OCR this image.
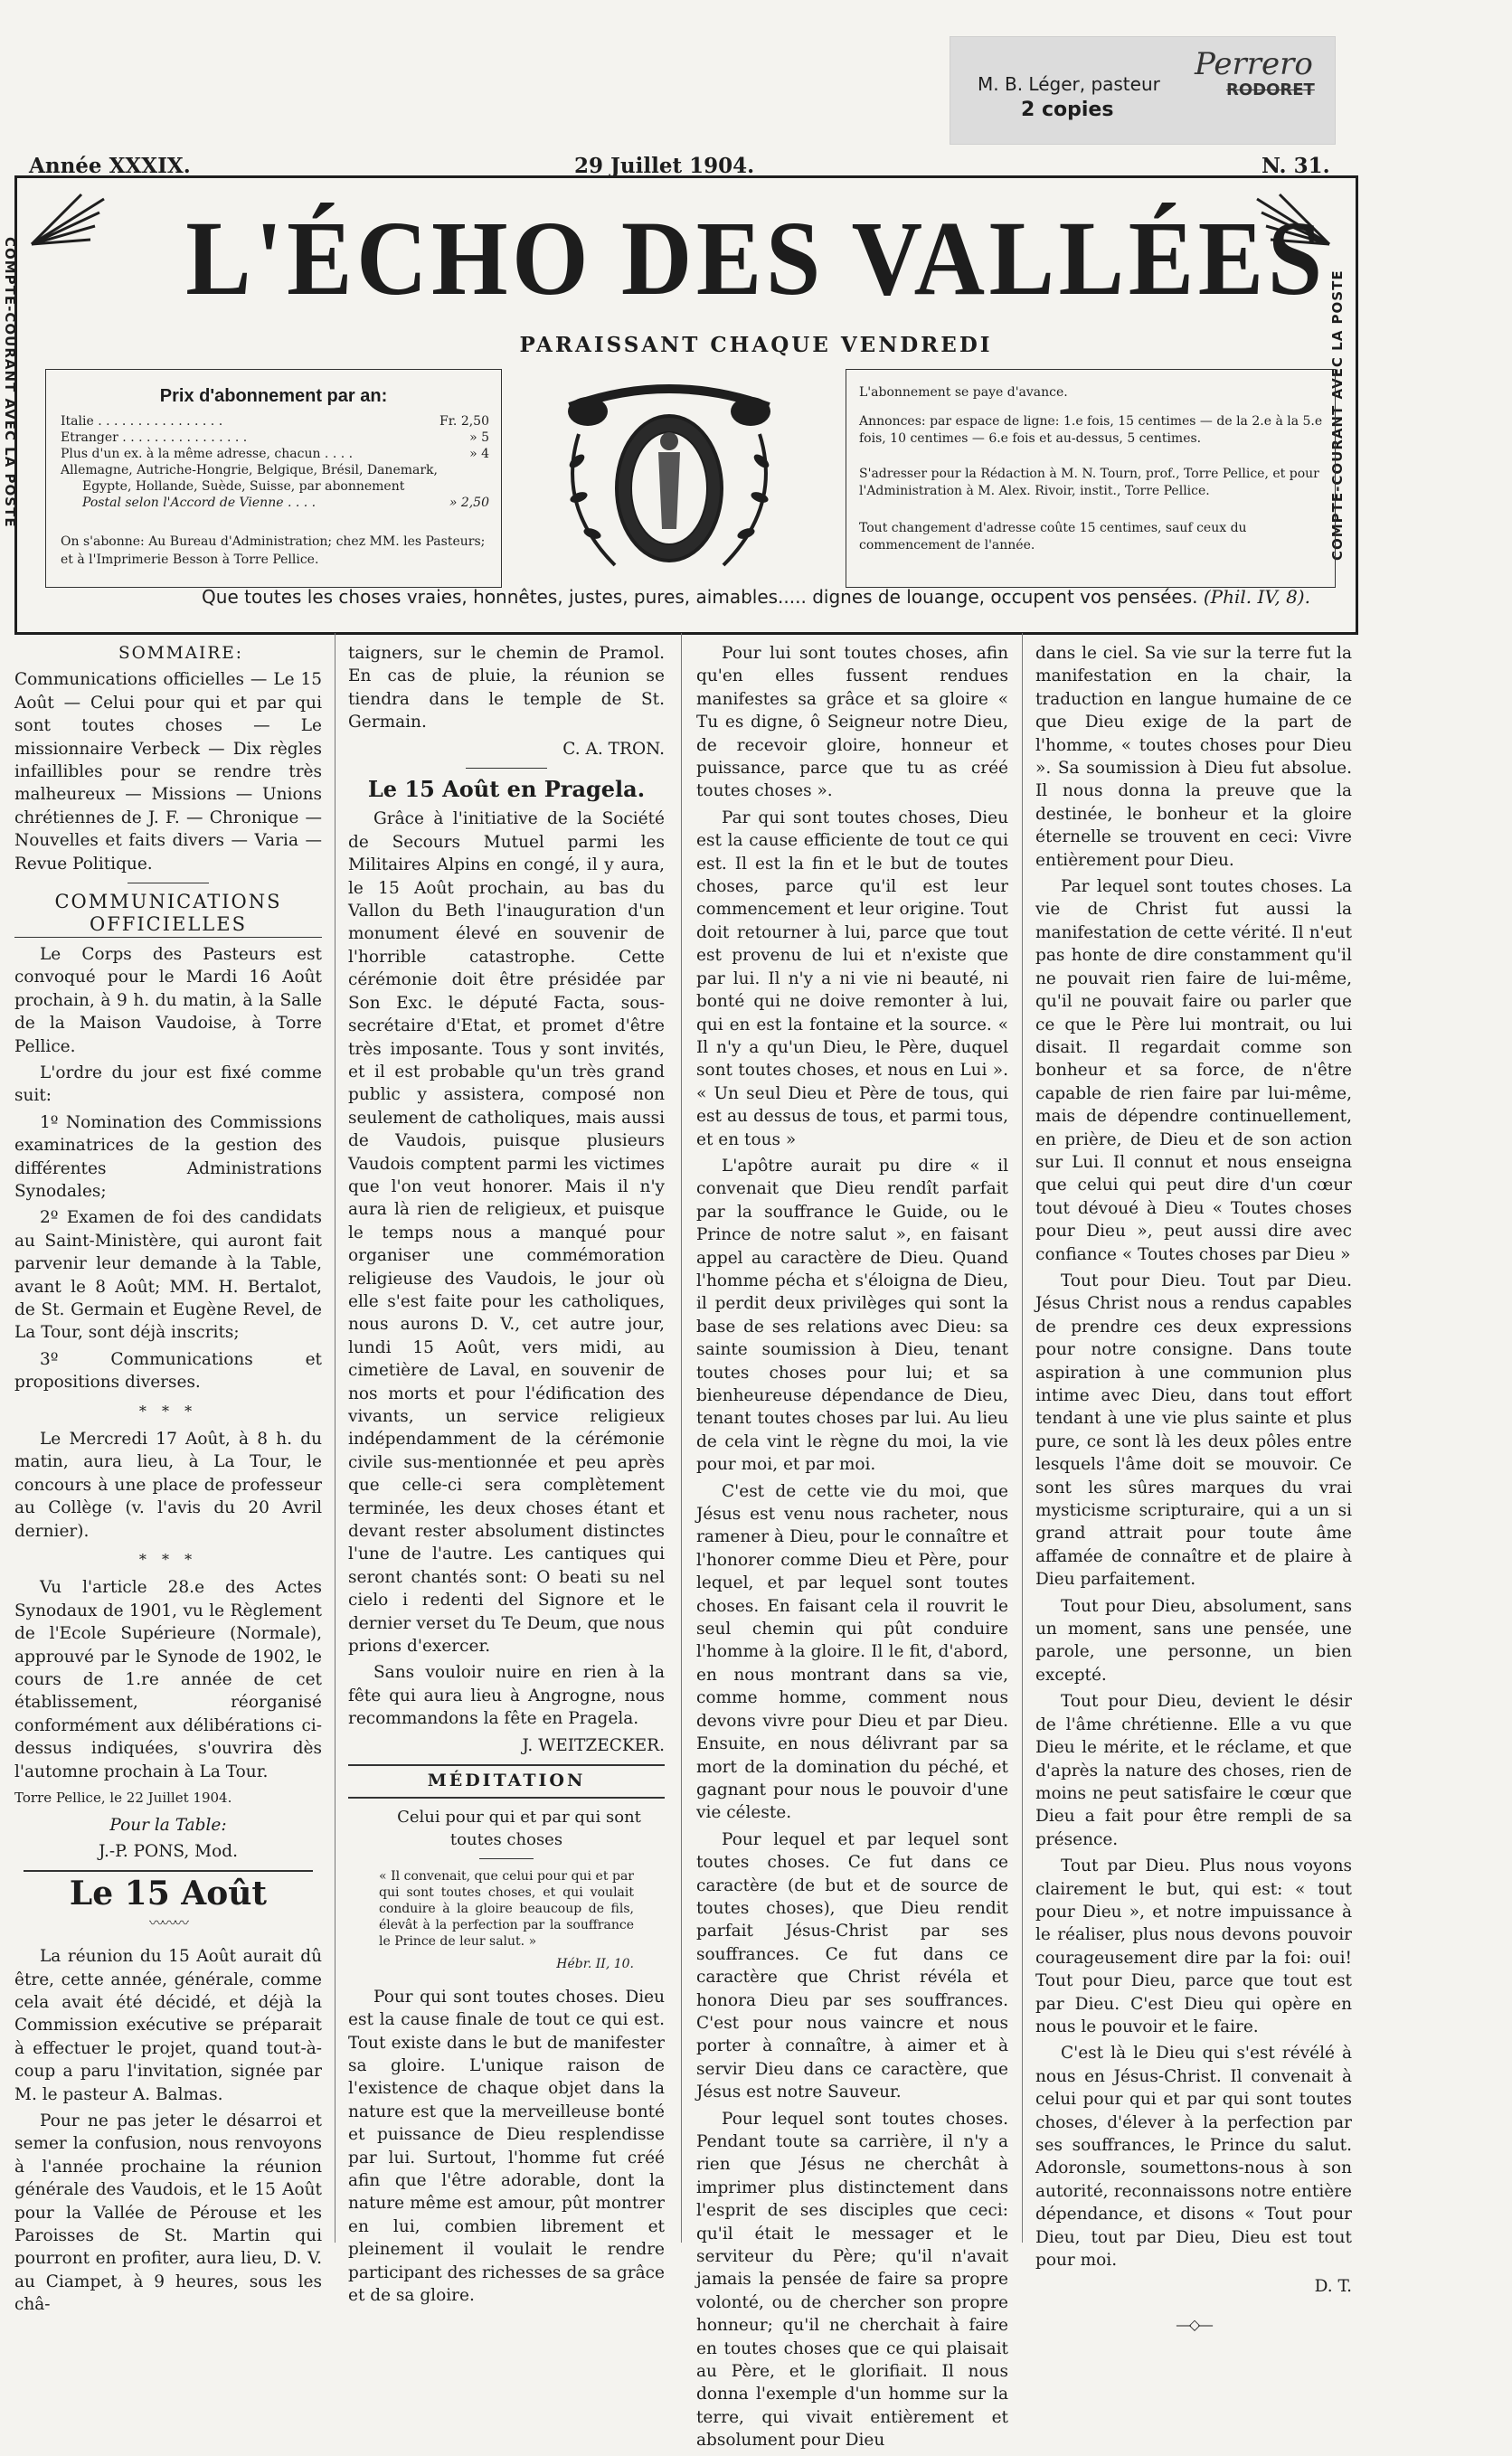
M. B. Léger, pasteur
2 copies
Perrero
RODORET
Année XXXIX.	29 Juillet 1904.	N. 31.
COMPTE-COURANT AVEC LA POSTE	COMPTE-COURANT AVEC LA POSTE
L'ÉCHO DES VALLÉES
PARAISSANT CHAQUE VENDREDI
Prix d'abonnement par an:
Italie . . . . . . . . . . . . . . . .	Fr. 2,50
Etranger . . . . . . . . . . . . . . . .	» 5
Plus d'un ex. à la même adresse, chacun . . . .	» 4
Allemagne, Autriche-Hongrie, Belgique, Brésil, Danemark,
Egypte, Hollande, Suède, Suisse, par abonnement
Postal selon l'Accord de Vienne . . . .	» 2,50
On s'abonne: Au Bureau d'Administration; chez MM. les Pasteurs; et à l'Imprimerie Besson à Torre Pellice.
L'abonnement se paye d'avance.
Annonces: par espace de ligne: 1.e fois, 15 centimes — de la 2.e à la 5.e fois, 10 centimes — 6.e fois et au-dessus, 5 centimes.
S'adresser pour la Rédaction à M. N. Tourn, prof., Torre Pellice, et pour l'Administration à M. Alex. Rivoir, instit., Torre Pellice.
Tout changement d'adresse coûte 15 centimes, sauf ceux du commencement de l'année.
Que toutes les choses vraies, honnêtes, justes, pures, aimables..... dignes de louange, occupent vos pensées. (Phil. IV, 8).

SOMMAIRE:

Communications officielles — Le 15 Août — Celui pour qui et par qui sont toutes choses — Le missionnaire Verbeck — Dix règles infaillibles pour se rendre très malheureux — Missions — Unions chrétiennes de J. F. — Chronique — Nouvelles et faits divers — Varia — Revue Politique.

COMMUNICATIONS OFFICIELLES

Le Corps des Pasteurs est convoqué pour le Mardi 16 Août prochain, à 9 h. du matin, à la Salle de la Maison Vaudoise, à Torre Pellice.

L'ordre du jour est fixé comme suit:

1º Nomination des Commissions examinatrices de la gestion des différentes Administrations Synodales;

2º Examen de foi des candidats au Saint-Ministère, qui auront fait parvenir leur demande à la Table, avant le 8 Août; MM. H. Bertalot, de St. Germain et Eugène Revel, de La Tour, sont déjà inscrits;

3º Communications et propositions diverses.

* * *

Le Mercredi 17 Août, à 8 h. du matin, aura lieu, à La Tour, le concours à une place de professeur au Collège (v. l'avis du 20 Avril dernier).

* * *

Vu l'article 28.e des Actes Synodaux de 1901, vu le Règlement de l'Ecole Supérieure (Normale), approuvé par le Synode de 1902, le cours de 1.re année de cet établissement, réorganisé conformément aux délibérations ci-dessus indiquées, s'ouvrira dès l'automne prochain à La Tour.

Torre Pellice, le 22 Juillet 1904.

Pour la Table:

J.-P. PONS, Mod.

Le 15 Août
〰〰〰

La réunion du 15 Août aurait dû être, cette année, générale, comme cela avait été décidé, et déjà la Commission exécutive se préparait à effectuer le projet, quand tout-à-coup a paru l'invitation, signée par M. le pasteur A. Balmas.

Pour ne pas jeter le désarroi et semer la confusion, nous renvoyons à l'année prochaine la réunion générale des Vaudois, et le 15 Août pour la Vallée de Pérouse et les Paroisses de St. Martin qui pourront en profiter, aura lieu, D. V. au Ciampet, à 9 heures, sous les châ-

taigners, sur le chemin de Pramol. En cas de pluie, la réunion se tiendra dans le temple de St. Germain.

C. A. TRON.

Le 15 Août en Pragela.

Grâce à l'initiative de la Société de Secours Mutuel parmi les Militaires Alpins en congé, il y aura, le 15 Août prochain, au bas du Vallon du Beth l'inauguration d'un monument élevé en souvenir de l'horrible catastrophe. Cette cérémonie doit être présidée par Son Exc. le député Facta, sous-secrétaire d'Etat, et promet d'être très imposante. Tous y sont invités, et il est probable qu'un très grand public y assistera, composé non seulement de catholiques, mais aussi de Vaudois, puisque plusieurs Vaudois comptent parmi les victimes que l'on veut honorer. Mais il n'y aura là rien de religieux, et puisque le temps nous a manqué pour organiser une commémoration religieuse des Vaudois, le jour où elle s'est faite pour les catholiques, nous aurons D. V., cet autre jour, lundi 15 Août, vers midi, au cimetière de Laval, en souvenir de nos morts et pour l'édification des vivants, un service religieux indépendamment de la cérémonie civile sus-mentionnée et peu après que celle-ci sera complètement terminée, les deux choses étant et devant rester absolument distinctes l'une de l'autre. Les cantiques qui seront chantés sont: O beati su nel cielo i redenti del Signore et le dernier verset du Te Deum, que nous prions d'exercer.

Sans vouloir nuire en rien à la fête qui aura lieu à Angrogne, nous recommandons la fête en Pragela.

J. WEITZECKER.

MÉDITATION

Celui pour qui et par qui sont toutes choses

« Il convenait, que celui pour qui et par qui sont toutes choses, et qui voulait conduire à la gloire beaucoup de fils, élevât à la perfection par la souffrance le Prince de leur salut. »
Hébr. II, 10.

Pour qui sont toutes choses. Dieu est la cause finale de tout ce qui est. Tout existe dans le but de manifester sa gloire. L'unique raison de l'existence de chaque objet dans la nature est que la merveilleuse bonté et puissance de Dieu resplendisse par lui. Surtout, l'homme fut créé afin que l'être adorable, dont la nature même est amour, pût montrer en lui, combien librement et pleinement il voulait le rendre participant des richesses de sa grâce et de sa gloire.

Pour lui sont toutes choses, afin qu'en elles fussent rendues manifestes sa grâce et sa gloire « Tu es digne, ô Seigneur notre Dieu, de recevoir gloire, honneur et puissance, parce que tu as créé toutes choses ».

Par qui sont toutes choses, Dieu est la cause efficiente de tout ce qui est. Il est la fin et le but de toutes choses, parce qu'il est leur commencement et leur origine. Tout doit retourner à lui, parce que tout est provenu de lui et n'existe que par lui. Il n'y a ni vie ni beauté, ni bonté qui ne doive remonter à lui, qui en est la fontaine et la source. « Il n'y a qu'un Dieu, le Père, duquel sont toutes choses, et nous en Lui ». « Un seul Dieu et Père de tous, qui est au dessus de tous, et parmi tous, et en tous »

L'apôtre aurait pu dire « il convenait que Dieu rendît parfait par la souffrance le Guide, ou le Prince de notre salut », en faisant appel au caractère de Dieu. Quand l'homme pécha et s'éloigna de Dieu, il perdit deux privilèges qui sont la base de ses relations avec Dieu: sa sainte soumission à Dieu, tenant toutes choses pour lui; et sa bienheureuse dépendance de Dieu, tenant toutes choses par lui. Au lieu de cela vint le règne du moi, la vie pour moi, et par moi.

C'est de cette vie du moi, que Jésus est venu nous racheter, nous ramener à Dieu, pour le connaître et l'honorer comme Dieu et Père, pour lequel, et par lequel sont toutes choses. En faisant cela il rouvrit le seul chemin qui pût conduire l'homme à la gloire. Il le fit, d'abord, en nous montrant dans sa vie, comme homme, comment nous devons vivre pour Dieu et par Dieu. Ensuite, en nous délivrant par sa mort de la domination du péché, et gagnant pour nous le pouvoir d'une vie céleste.

Pour lequel et par lequel sont toutes choses. Ce fut dans ce caractère (de but et de source de toutes choses), que Dieu rendit parfait Jésus-Christ par ses souffrances. Ce fut dans ce caractère que Christ révéla et honora Dieu par ses souffrances. C'est pour nous vaincre et nous porter à connaître, à aimer et à servir Dieu dans ce caractère, que Jésus est notre Sauveur.

Pour lequel sont toutes choses. Pendant toute sa carrière, il n'y a rien que Jésus ne cherchât à imprimer plus distinctement dans l'esprit de ses disciples que ceci: qu'il était le messager et le serviteur du Père; qu'il n'avait jamais la pensée de faire sa propre volonté, ou de chercher son propre honneur; qu'il ne cherchait à faire en toutes choses que ce qui plaisait au Père, et le glorifiait. Il nous donna l'exemple d'un homme sur la terre, qui vivait entièrement et absolument pour Dieu

dans le ciel. Sa vie sur la terre fut la manifestation en la chair, la traduction en langue humaine de ce que Dieu exige de la part de l'homme, « toutes choses pour Dieu ». Sa soumission à Dieu fut absolue. Il nous donna la preuve que la destinée, le bonheur et la gloire éternelle se trouvent en ceci: Vivre entièrement pour Dieu.

Par lequel sont toutes choses. La vie de Christ fut aussi la manifestation de cette vérité. Il n'eut pas honte de dire constamment qu'il ne pouvait rien faire de lui-même, qu'il ne pouvait faire ou parler que ce que le Père lui montrait, ou lui disait. Il regardait comme son bonheur et sa force, de n'être capable de rien faire par lui-même, mais de dépendre continuellement, en prière, de Dieu et de son action sur Lui. Il connut et nous enseigna que celui qui peut dire d'un cœur tout dévoué à Dieu « Toutes choses pour Dieu », peut aussi dire avec confiance « Toutes choses par Dieu »

Tout pour Dieu. Tout par Dieu. Jésus Christ nous a rendus capables de prendre ces deux expressions pour notre consigne. Dans toute aspiration à une communion plus intime avec Dieu, dans tout effort tendant à une vie plus sainte et plus pure, ce sont là les deux pôles entre lesquels l'âme doit se mouvoir. Ce sont les sûres marques du vrai mysticisme scripturaire, qui a un si grand attrait pour toute âme affamée de connaître et de plaire à Dieu parfaitement.

Tout pour Dieu, absolument, sans un moment, sans une pensée, une parole, une personne, un bien excepté.

Tout pour Dieu, devient le désir de l'âme chrétienne. Elle a vu que Dieu le mérite, et le réclame, et que d'après la nature des choses, rien de moins ne peut satisfaire le cœur que Dieu a fait pour être rempli de sa présence.

Tout par Dieu. Plus nous voyons clairement le but, qui est: « tout pour Dieu », et notre impuissance à le réaliser, plus nous devons pouvoir courageusement dire par la foi: oui! Tout pour Dieu, parce que tout est par Dieu. C'est Dieu qui opère en nous le pouvoir et le faire.

C'est là le Dieu qui s'est révélé à nous en Jésus-Christ. Il convenait à celui pour qui et par qui sont toutes choses, d'élever à la perfection par ses souffrances, le Prince du salut. Adoronsle, soumettons-nous à son autorité, reconnaissons notre entière dépendance, et disons « Tout pour Dieu, tout par Dieu, Dieu est tout pour moi.

D. T.

―◇―
